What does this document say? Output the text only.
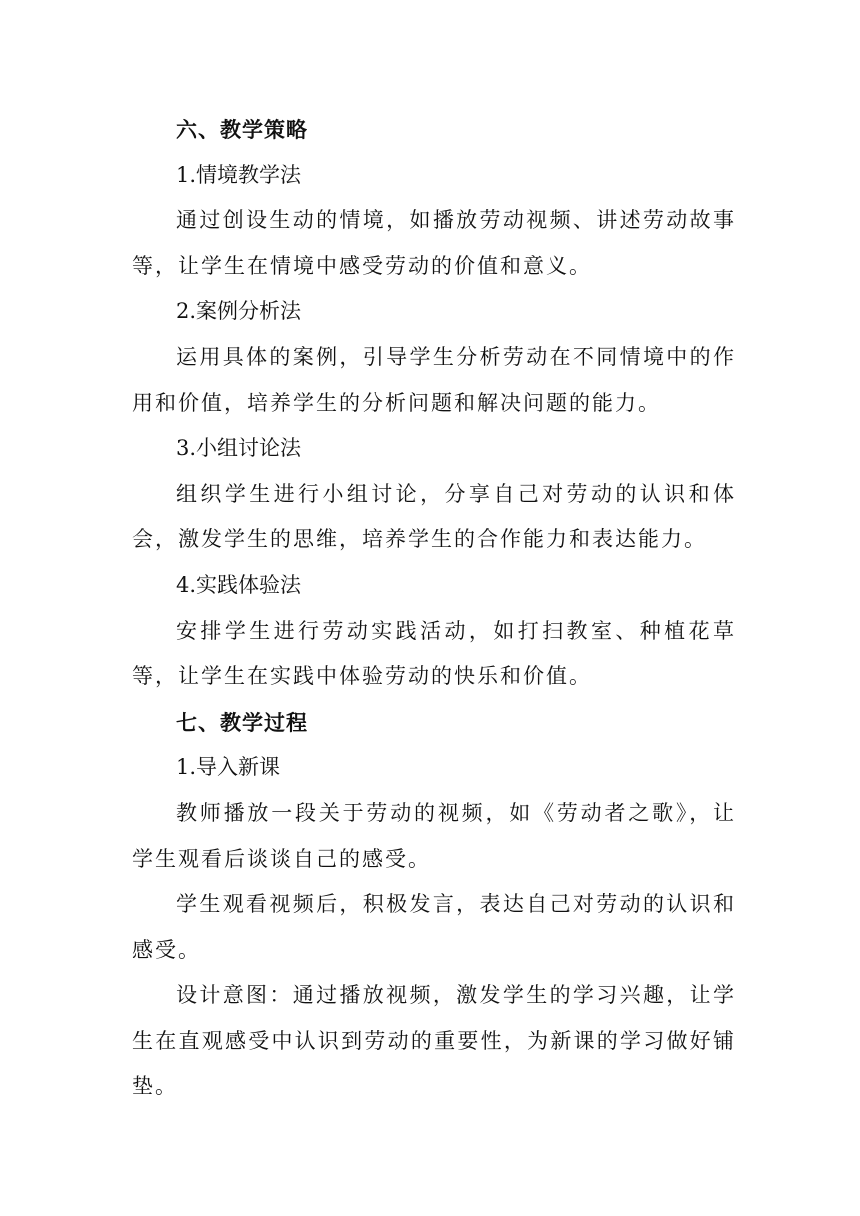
六、教学策略

1.情境教学法

通过创设生动的情境，如播放劳动视频、讲述劳动故事等，让学生在情境中感受劳动的价值和意义。

2.案例分析法

运用具体的案例，引导学生分析劳动在不同情境中的作用和价值，培养学生的分析问题和解决问题的能力。

3.小组讨论法

组织学生进行小组讨论，分享自己对劳动的认识和体会，激发学生的思维，培养学生的合作能力和表达能力。

4.实践体验法

安排学生进行劳动实践活动，如打扫教室、种植花草等，让学生在实践中体验劳动的快乐和价值。

七、教学过程

1.导入新课

教师播放一段关于劳动的视频，如《劳动者之歌》，让学生观看后谈谈自己的感受。

学生观看视频后，积极发言，表达自己对劳动的认识和感受。

设计意图：通过播放视频，激发学生的学习兴趣，让学生在直观感受中认识到劳动的重要性，为新课的学习做好铺垫。
